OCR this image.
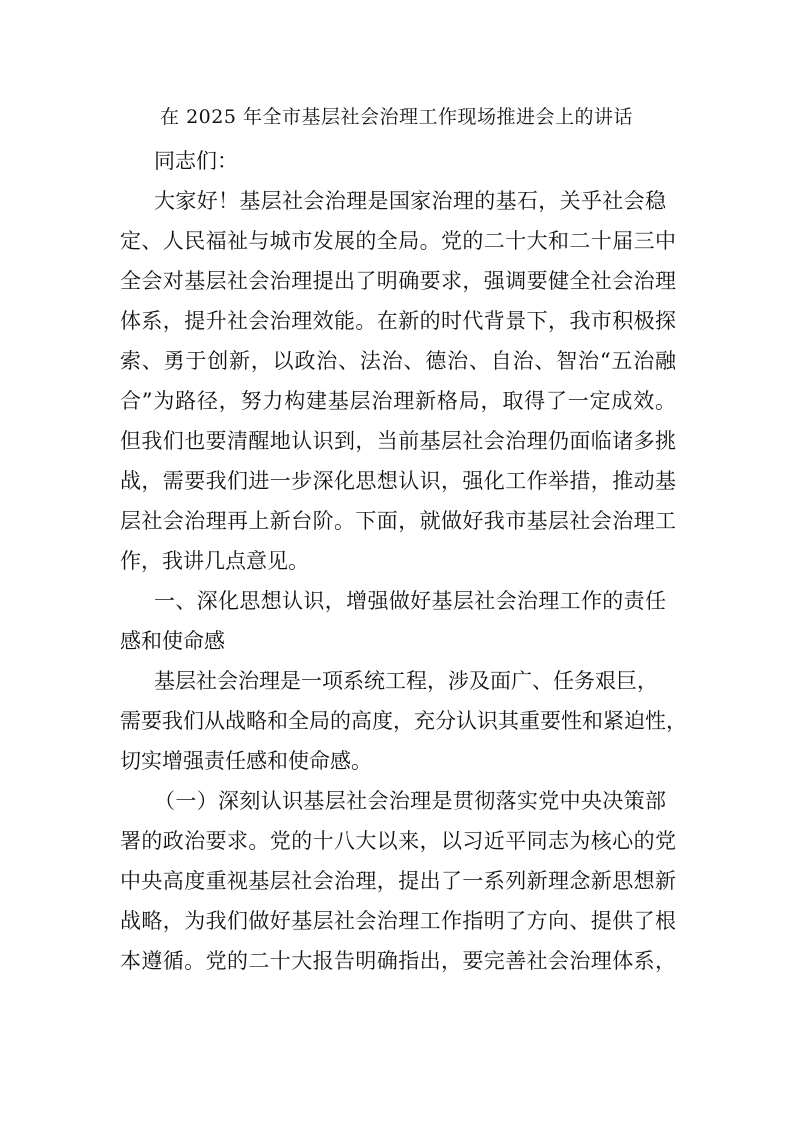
在 2025 年全市基层社会治理工作现场推进会上的讲话
同志们：
大家好！基层社会治理是国家治理的基石，关乎社会稳
定、人民福祉与城市发展的全局。党的二十大和二十届三中
全会对基层社会治理提出了明确要求，强调要健全社会治理
体系，提升社会治理效能。在新的时代背景下，我市积极探
索、勇于创新，以政治、法治、德治、自治、智治“五治融
合”为路径，努力构建基层治理新格局，取得了一定成效。
但我们也要清醒地认识到，当前基层社会治理仍面临诸多挑
战，需要我们进一步深化思想认识，强化工作举措，推动基
层社会治理再上新台阶。下面，就做好我市基层社会治理工
作，我讲几点意见。
一、深化思想认识，增强做好基层社会治理工作的责任
感和使命感
基层社会治理是一项系统工程，涉及面广、任务艰巨，
需要我们从战略和全局的高度，充分认识其重要性和紧迫性，
切实增强责任感和使命感。
（一）深刻认识基层社会治理是贯彻落实党中央决策部
署的政治要求。党的十八大以来，以习近平同志为核心的党
中央高度重视基层社会治理，提出了一系列新理念新思想新
战略，为我们做好基层社会治理工作指明了方向、提供了根
本遵循。党的二十大报告明确指出，要完善社会治理体系，
